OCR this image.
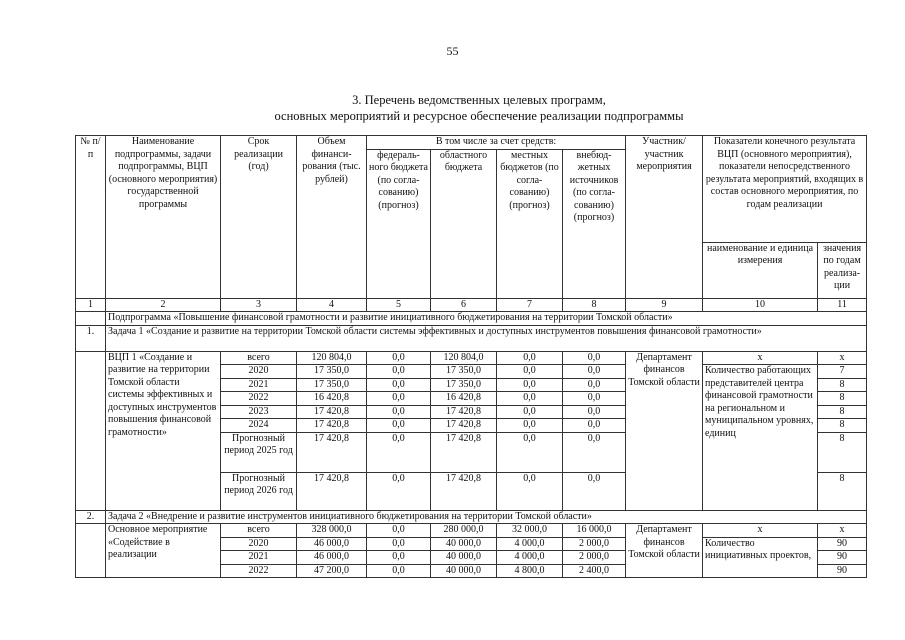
55
3. Перечень ведомственных целевых программ,
основных мероприятий и ресурсное обеспечение реализации подпрограммы
№ п/п	Наименование подпрограммы, задачи подпрограммы, ВЦП (основного мероприятия) государственной программы	Срок реализации (год)	Объем финанси-рования (тыс. рублей)	В том числе за счет средств:				Участник/ участник мероприятия	Показатели конечного результата ВЦП (основного мероприятия), показатели непосредственного результата мероприятий, входящих в состав основного мероприятия, по годам реализации	
				федераль-ного бюджета (по согла-сованию) (прогноз)	областного бюджета	местных бюджетов (по согла-сованию) (прогноз)	внебюд-жетных источников (по согла-сованию) (прогноз)			
									наименование и единица измерения	значения по годам реализа-ции
1	2	3	4	5	6	7	8	9	10	11
	Подпрограмма «Повышение финансовой грамотности и развитие инициативного бюджетирования на территории Томской области»									
1.	Задача 1 «Создание и развитие на территории Томской области системы эффективных и доступных инструментов повышения финансовой грамотности»									
	ВЦП 1 «Создание и развитие на территории Томской области системы эффективных и доступных инструментов повышения финансовой грамотности»	всего	120 804,0	0,0	120 804,0	0,0	0,0	Департамент финансов Томской области	х	х
		2020	17 350,0	0,0	17 350,0	0,0	0,0		Количество работающих представителей центра финансовой грамотности на региональном и муниципальном уровнях, единиц	7
		2021	17 350,0	0,0	17 350,0	0,0	0,0			8
		2022	16 420,8	0,0	16 420,8	0,0	0,0			8
		2023	17 420,8	0,0	17 420,8	0,0	0,0			8
		2024	17 420,8	0,0	17 420,8	0,0	0,0			8
		Прогнозный период 2025 год	17 420,8	0,0	17 420,8	0,0	0,0			8
		Прогнозный период 2026 год	17 420,8	0,0	17 420,8	0,0	0,0			8
2.	Задача 2 «Внедрение и развитие инструментов инициативного бюджетирования на территории Томской области»									
	Основное мероприятие «Содействие в реализации	всего	328 000,0	0,0	280 000,0	32 000,0	16 000,0	Департамент финансов Томской области	х	х
		2020	46 000,0	0,0	40 000,0	4 000,0	2 000,0		Количество инициативных проектов,	90
		2021	46 000,0	0,0	40 000,0	4 000,0	2 000,0			90
		2022	47 200,0	0,0	40 000,0	4 800,0	2 400,0			90
